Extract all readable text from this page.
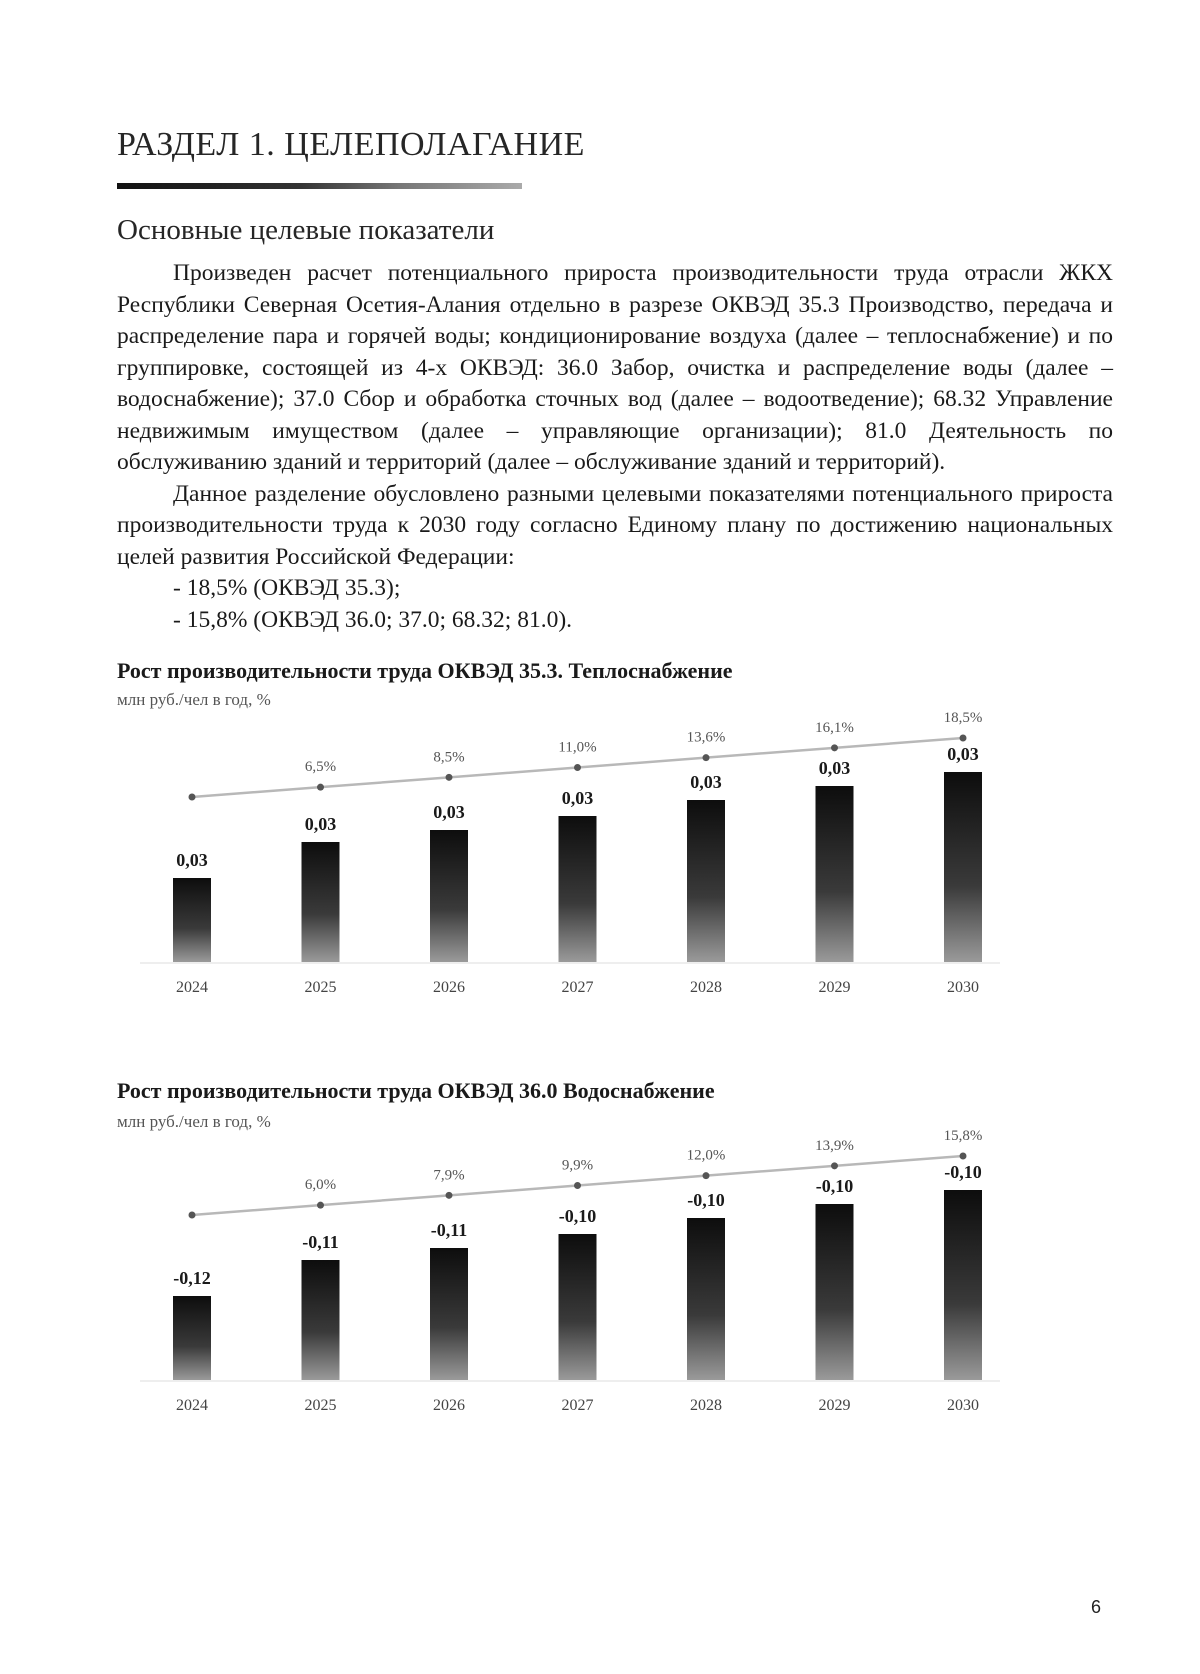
РАЗДЕЛ 1. ЦЕЛЕПОЛАГАНИЕ
Основные целевые показатели

Произведен расчет потенциального прироста производительности труда отрасли ЖКХ Республики Северная Осетия-Алания отдельно в разрезе ОКВЭД 35.3 Производство, передача и распределение пара и горячей воды; кондиционирование воздуха (далее – теплоснабжение) и по группировке, состоящей из 4-х ОКВЭД: 36.0 Забор, очистка и распределение воды (далее – водоснабжение); 37.0 Сбор и обработка сточных вод (далее – водоотведение); 68.32 Управление недвижимым имуществом (далее – управляющие организации); 81.0 Деятельность по обслуживанию зданий и территорий (далее – обслуживание зданий и территорий).

Данное разделение обусловлено разными целевыми показателями потенциального прироста производительности труда к 2030 году согласно Единому плану по достижению национальных целей развития Российской Федерации:

- 18,5% (ОКВЭД 35.3);

- 15,8% (ОКВЭД 36.0; 37.0; 68.32; 81.0).

Рост производительности труда ОКВЭД 35.3. Теплоснабжение

млн руб./чел в год, %

0,03
2024
0,03
2025
0,03
2026
0,03
2027
0,03
2028
0,03
2029
0,03
2030
6,5%
8,5%
11,0%
13,6%
16,1%
18,5%
Рост производительности труда ОКВЭД 36.0 Водоснабжение

млн руб./чел в год, %

-0,12
2024
-0,11
2025
-0,11
2026
-0,10
2027
-0,10
2028
-0,10
2029
-0,10
2030
6,0%
7,9%
9,9%
12,0%
13,9%
15,8%
6
